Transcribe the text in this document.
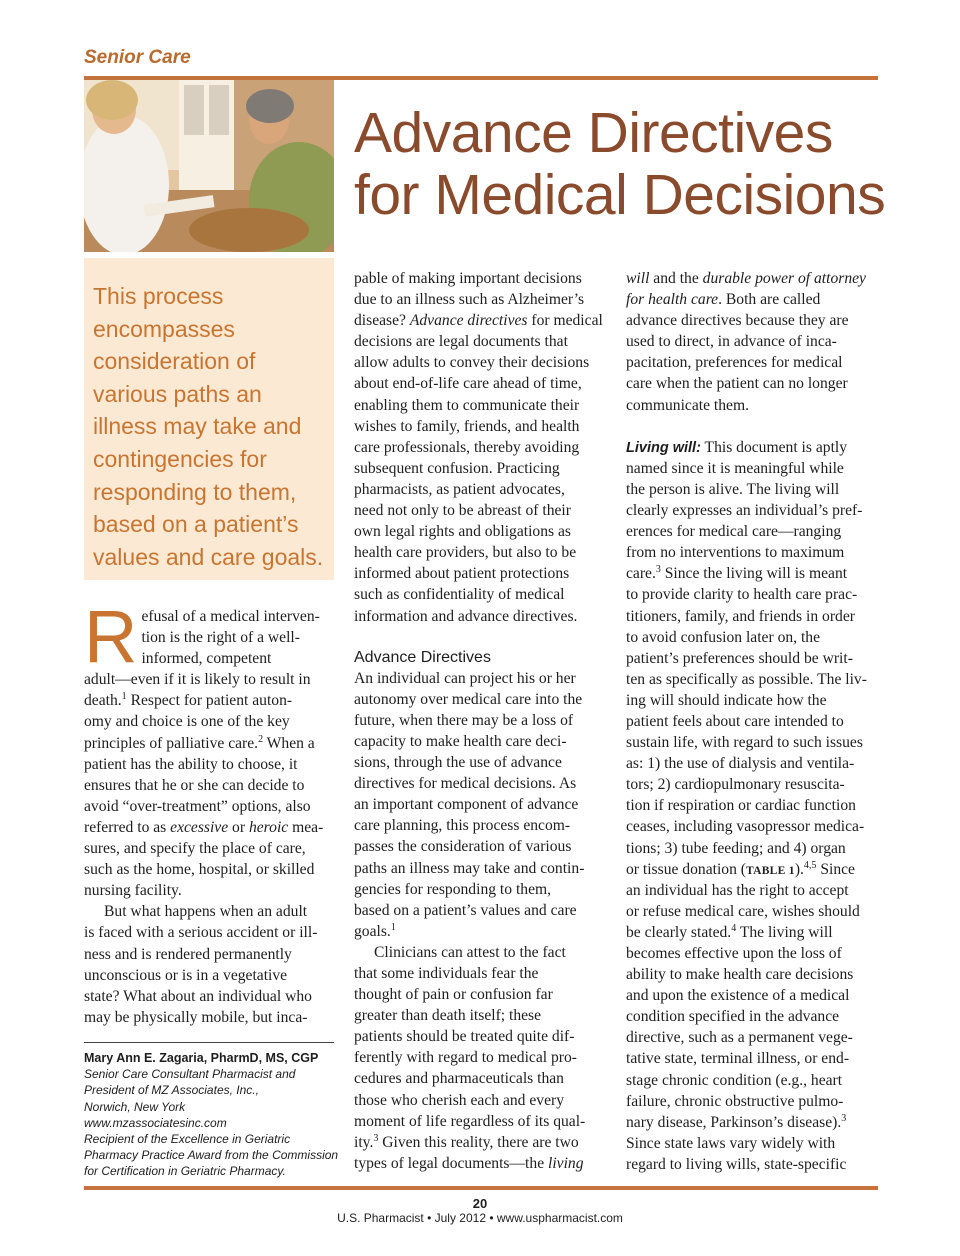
Senior Care
Advance Directives
for Medical Decisions
This process
encompasses
consideration of
various paths an
illness may take and
contingencies for
responding to them,
based on a patient’s
values and care goals.
R efusal of a medical interven-
tion is the right of a well-
informed, competent
adult—even if it is likely to result in
death.$^1$ Respect for patient auton-
omy and choice is one of the key
principles of palliative care.$^2$ When a
patient has the ability to choose, it
ensures that he or she can decide to
avoid “over-treatment” options, also
referred to as excessive or heroic mea-
sures, and specify the place of care,
such as the home, hospital, or skilled
nursing facility.
But what happens when an adult
is faced with a serious accident or ill-
ness and is rendered permanently
unconscious or is in a vegetative
state? What about an individual who
may be physically mobile, but inca-
Mary Ann E. Zagaria, PharmD, MS, CGP
Senior Care Consultant Pharmacist and
President of MZ Associates, Inc.,
Norwich, New York
www.mzassociatesinc.com
Recipient of the Excellence in Geriatric
Pharmacy Practice Award from the Commission
for Certification in Geriatric Pharmacy.
pable of making important decisions
due to an illness such as Alzheimer’s
disease? Advance directives for medical
decisions are legal documents that
allow adults to convey their decisions
about end-of-life care ahead of time,
enabling them to communicate their
wishes to family, friends, and health
care professionals, thereby avoiding
subsequent confusion. Practicing
pharmacists, as patient advocates,
need not only to be abreast of their
own legal rights and obligations as
health care providers, but also to be
informed about patient protections
such as confidentiality of medical
information and advance directives.
Advance Directives
An individual can project his or her
autonomy over medical care into the
future, when there may be a loss of
capacity to make health care deci-
sions, through the use of advance
directives for medical decisions. As
an important component of advance
care planning, this process encom-
passes the consideration of various
paths an illness may take and contin-
gencies for responding to them,
based on a patient’s values and care
goals.$^1$
Clinicians can attest to the fact
that some individuals fear the
thought of pain or confusion far
greater than death itself; these
patients should be treated quite dif-
ferently with regard to medical pro-
cedures and pharmaceuticals than
those who cherish each and every
moment of life regardless of its qual-
ity.$^3$ Given this reality, there are two
types of legal documents—the living
will and the durable power of attorney
for health care. Both are called
advance directives because they are
used to direct, in advance of inca-
pacitation, preferences for medical
care when the patient can no longer
communicate them.
Living will: This document is aptly
named since it is meaningful while
the person is alive. The living will
clearly expresses an individual’s pref-
erences for medical care—ranging
from no interventions to maximum
care.$^3$ Since the living will is meant
to provide clarity to health care prac-
titioners, family, and friends in order
to avoid confusion later on, the
patient’s preferences should be writ-
ten as specifically as possible. The liv-
ing will should indicate how the
patient feels about care intended to
sustain life, with regard to such issues
as: 1) the use of dialysis and ventila-
tors; 2) cardiopulmonary resuscita-
tion if respiration or cardiac function
ceases, including vasopressor medica-
tions; 3) tube feeding; and 4) organ
or tissue donation (TABLE 1).$^{4,5}$ Since
an individual has the right to accept
or refuse medical care, wishes should
be clearly stated.$^4$ The living will
becomes effective upon the loss of
ability to make health care decisions
and upon the existence of a medical
condition specified in the advance
directive, such as a permanent vege-
tative state, terminal illness, or end-
stage chronic condition (e.g., heart
failure, chronic obstructive pulmo-
nary disease, Parkinson’s disease).$^3$
Since state laws vary widely with
regard to living wills, state-specific
20
U.S. Pharmacist • July 2012 • www.uspharmacist.com
